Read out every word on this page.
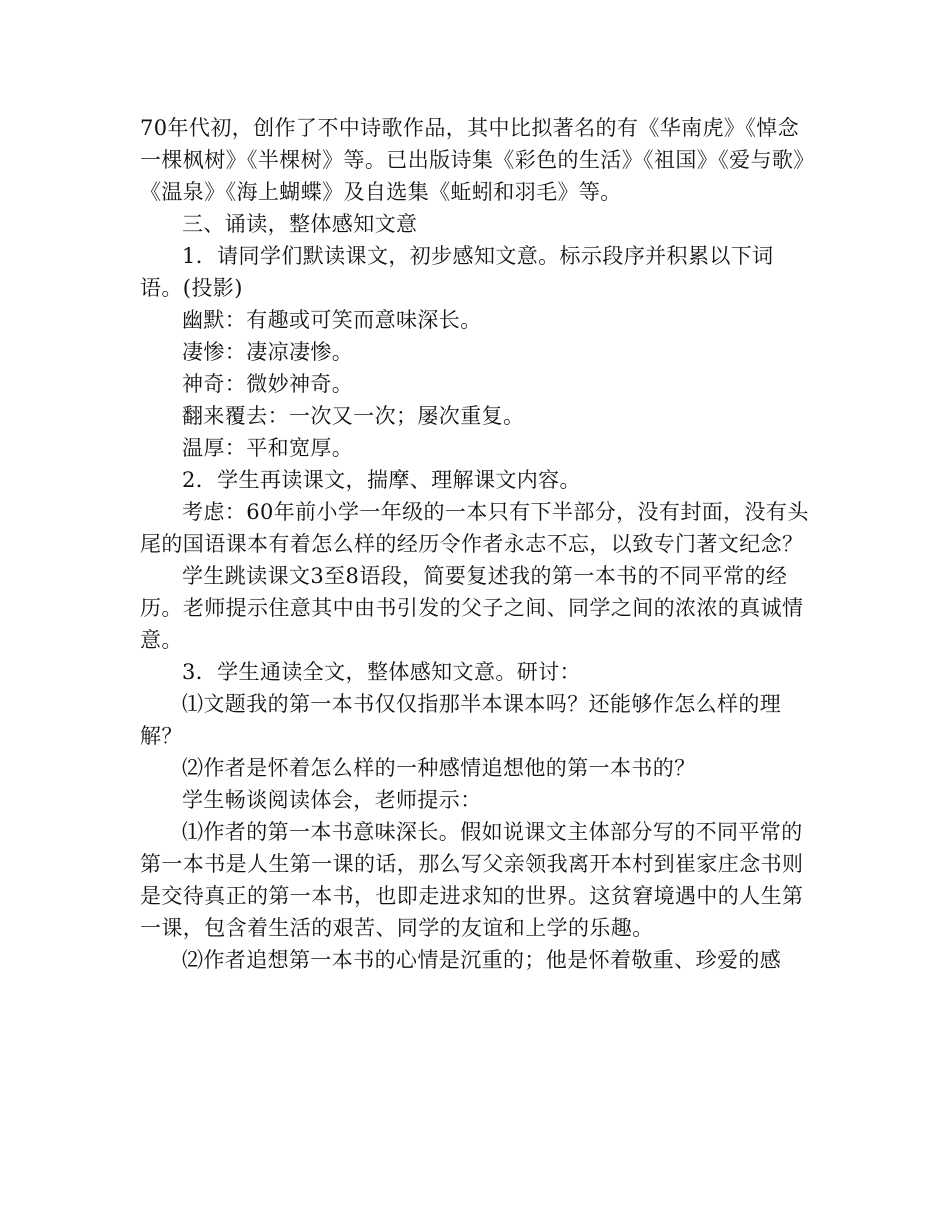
70年代初，创作了不中诗歌作品，其中比拟著名的有《华南虎》《悼念一棵枫树》《半棵树》等。已出版诗集《彩色的生活》《祖国》《爱与歌》《温泉》《海上蝴蝶》及自选集《蚯蚓和羽毛》等。

三、诵读，整体感知文意

1．请同学们默读课文，初步感知文意。标示段序并积累以下词语。(投影)

幽默：有趣或可笑而意味深长。

凄惨：凄凉凄惨。

神奇：微妙神奇。

翻来覆去：一次又一次；屡次重复。

温厚：平和宽厚。

2．学生再读课文，揣摩、理解课文内容。

考虑：60年前小学一年级的一本只有下半部分，没有封面，没有头尾的国语课本有着怎么样的经历令作者永志不忘，以致专门著文纪念？

学生跳读课文3至8语段，简要复述我的第一本书的不同平常的经历。老师提示住意其中由书引发的父子之间、同学之间的浓浓的真诚情意。

3．学生通读全文，整体感知文意。研讨：

⑴文题我的第一本书仅仅指那半本课本吗？还能够作怎么样的理解？

⑵作者是怀着怎么样的一种感情追想他的第一本书的？

学生畅谈阅读体会，老师提示：

⑴作者的第一本书意味深长。假如说课文主体部分写的不同平常的第一本书是人生第一课的话，那么写父亲领我离开本村到崔家庄念书则是交待真正的第一本书，也即走进求知的世界。这贫窘境遇中的人生第一课，包含着生活的艰苦、同学的友谊和上学的乐趣。

⑵作者追想第一本书的心情是沉重的；他是怀着敬重、珍爱的感
